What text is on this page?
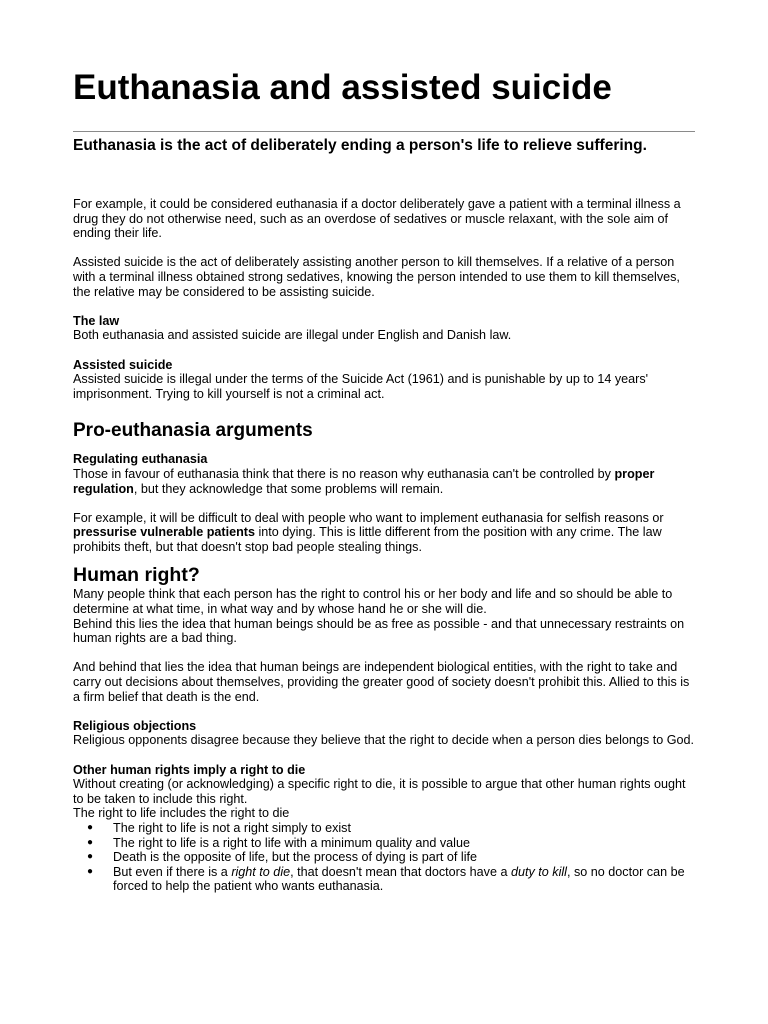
Euthanasia and assisted suicide

Euthanasia is the act of deliberately ending a person's life to relieve suffering.

For example, it could be considered euthanasia if a doctor deliberately gave a patient with a terminal illness a drug they do not otherwise need, such as an overdose of sedatives or muscle relaxant, with the sole aim of ending their life.

Assisted suicide is the act of deliberately assisting another person to kill themselves. If a relative of a person with a terminal illness obtained strong sedatives, knowing the person intended to use them to kill themselves, the relative may be considered to be assisting suicide.

The law

Both euthanasia and assisted suicide are illegal under English and Danish law.

Assisted suicide

Assisted suicide is illegal under the terms of the Suicide Act (1961) and is punishable by up to 14 years' imprisonment. Trying to kill yourself is not a criminal act.

Pro-euthanasia arguments

Regulating euthanasia

Those in favour of euthanasia think that there is no reason why euthanasia can't be controlled by proper regulation, but they acknowledge that some problems will remain.

For example, it will be difficult to deal with people who want to implement euthanasia for selfish reasons or pressurise vulnerable patients into dying. This is little different from the position with any crime. The law prohibits theft, but that doesn't stop bad people stealing things.

Human right?

Many people think that each person has the right to control his or her body and life and so should be able to determine at what time, in what way and by whose hand he or she will die.

Behind this lies the idea that human beings should be as free as possible - and that unnecessary restraints on human rights are a bad thing.

And behind that lies the idea that human beings are independent biological entities, with the right to take and carry out decisions about themselves, providing the greater good of society doesn't prohibit this. Allied to this is a firm belief that death is the end.

Religious objections

Religious opponents disagree because they believe that the right to decide when a person dies belongs to God.

Other human rights imply a right to die

Without creating (or acknowledging) a specific right to die, it is possible to argue that other human rights ought to be taken to include this right.

The right to life includes the right to die

● The right to life is not a right simply to exist
● The right to life is a right to life with a minimum quality and value
● Death is the opposite of life, but the process of dying is part of life
● But even if there is a right to die, that doesn't mean that doctors have a duty to kill, so no doctor can be forced to help the patient who wants euthanasia.
